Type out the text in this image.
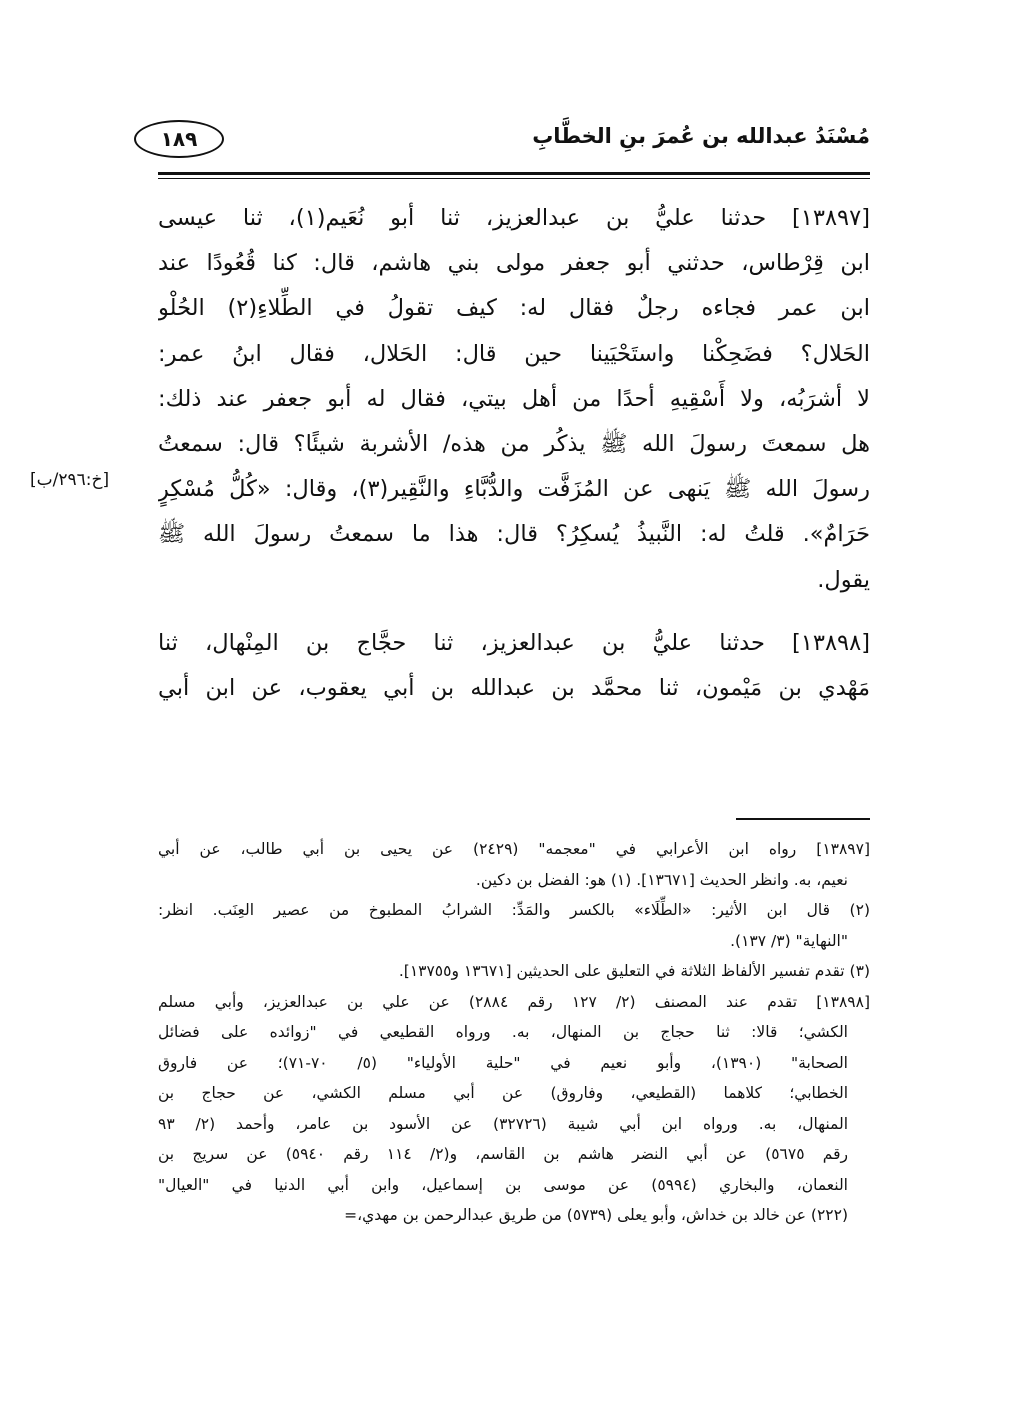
مُسْنَدُ عبدالله بن عُمرَ بنِ الخطَّابِ
١٨٩
[خ:٢٩٦/ب]
[١٣٨٩٧] حدثنا عليُّ بن عبدالعزيز، ثنا أبو نُعَيم(١)، ثنا عيسى
ابن قِرْطاس، حدثني أبو جعفر مولى بني هاشم، قال: كنا قُعُودًا عند
ابن عمر فجاءه رجلٌ فقال له: كيف تقولُ في الطِّلاءِ(٢) الحُلْو
الحَلال؟ فضَحِكْنا واستَحْيَينا حين قال: الحَلال، فقال ابنُ عمر:
لا أشرَبُه، ولا أَسْقِيهِ أحدًا من أهل بيتي، فقال له أبو جعفر عند ذلك:
هل سمعتَ رسولَ الله ﷺ يذكُر من هذه/ الأشربة شيئًا؟ قال: سمعتُ
رسولَ الله ﷺ يَنهى عن المُزَفَّت والدُّبَّاءِ والنَّقِير(٣)، وقال: «كُلُّ مُسْكِرٍ
حَرَامٌ». قلتُ له: النَّبيذُ يُسكِرُ؟ قال: هذا ما سمعتُ رسولَ الله ﷺ
يقول.
[١٣٨٩٨] حدثنا عليُّ بن عبدالعزيز، ثنا حجَّاج بن المِنْهال، ثنا
مَهْدي بن مَيْمون، ثنا محمَّد بن عبدالله بن أبي يعقوب، عن ابن أبي
[١٣٨٩٧] رواه ابن الأعرابي في "معجمه" (٢٤٢٩) عن يحيى بن أبي طالب، عن أبي
نعيم، به. وانظر الحديث [١٣٦٧١]. (١) هو: الفضل بن دكين.
(٢) قال ابن الأثير: «الطِّلَاء» بالكسر والمَدِّ: الشرابُ المطبوخ من عصير العِنَب. انظر:
"النهاية" (٣/ ١٣٧).
(٣) تقدم تفسير الألفاظ الثلاثة في التعليق على الحديثين [١٣٦٧١ و١٣٧٥٥].
[١٣٨٩٨] تقدم عند المصنف (٢/ ١٢٧ رقم ٢٨٨٤) عن علي بن عبدالعزيز، وأبي مسلم
الكشي؛ قالا: ثنا حجاج بن المنهال، به. ورواه القطيعي في "زوائده على فضائل
الصحابة" (١٣٩٠)، وأبو نعيم في "حلية الأولياء" (٥/ ٧٠-٧١)؛ عن فاروق
الخطابي؛ كلاهما (القطيعي، وفاروق) عن أبي مسلم الكشي، عن حجاج بن
المنهال، به. ورواه ابن أبي شيبة (٣٢٧٢٦) عن الأسود بن عامر، وأحمد (٢/ ٩٣
رقم ٥٦٧٥) عن أبي النضر هاشم بن القاسم، و(٢/ ١١٤ رقم ٥٩٤٠) عن سريج بن
النعمان، والبخاري (٥٩٩٤) عن موسى بن إسماعيل، وابن أبي الدنيا في "العيال"
(٢٢٢) عن خالد بن خداش، وأبو يعلى (٥٧٣٩) من طريق عبدالرحمن بن مهدي،=
